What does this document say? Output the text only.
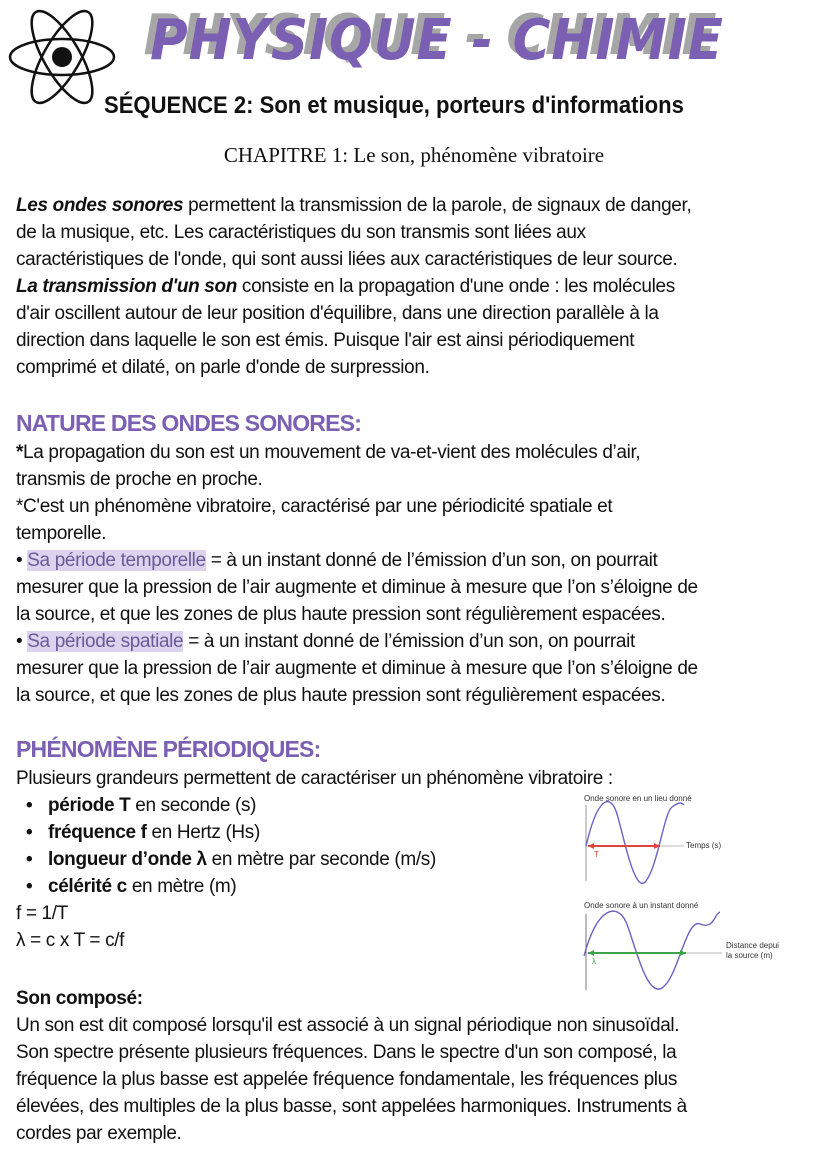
PHYSIQUE - CHIMIE
SÉQUENCE 2: Son et musique, porteurs d'informations
CHAPITRE 1: Le son, phénomène vibratoire
Les ondes sonores permettent la transmission de la parole, de signaux de danger,
de la musique, etc. Les caractéristiques du son transmis sont liées aux
caractéristiques de l'onde, qui sont aussi liées aux caractéristiques de leur source.
La transmission d'un son consiste en la propagation d'une onde : les molécules
d'air oscillent autour de leur position d'équilibre, dans une direction parallèle à la
direction dans laquelle le son est émis. Puisque l'air est ainsi périodiquement
comprimé et dilaté, on parle d'onde de surpression.
NATURE DES ONDES SONORES:
*La propagation du son est un mouvement de va-et-vient des molécules d’air,
transmis de proche en proche.
*C'est un phénomène vibratoire, caractérisé par une périodicité spatiale et
temporelle.
• Sa période temporelle = à un instant donné de l’émission d’un son, on pourrait
mesurer que la pression de l’air augmente et diminue à mesure que l’on s’éloigne de
la source, et que les zones de plus haute pression sont régulièrement espacées.
• Sa période spatiale = à un instant donné de l’émission d’un son, on pourrait
mesurer que la pression de l’air augmente et diminue à mesure que l’on s’éloigne de
la source, et que les zones de plus haute pression sont régulièrement espacées.
PHÉNOMÈNE PÉRIODIQUES:
Plusieurs grandeurs permettent de caractériser un phénomène vibratoire :
• période T en seconde (s)
• fréquence f en Hertz (Hs)
• longueur d’onde λ en mètre par seconde (m/s)
• célérité c en mètre (m)
f = 1/T
λ = c x T = c/f
Onde sonore en un lieu donné
T
Temps (s)
Onde sonore à un instant donné
λ
Distance depui
la source (m)
Son composé:
Un son est dit composé lorsqu'il est associé à un signal périodique non sinusoïdal.
Son spectre présente plusieurs fréquences. Dans le spectre d'un son composé, la
fréquence la plus basse est appelée fréquence fondamentale, les fréquences plus
élevées, des multiples de la plus basse, sont appelées harmoniques. Instruments à
cordes par exemple.
